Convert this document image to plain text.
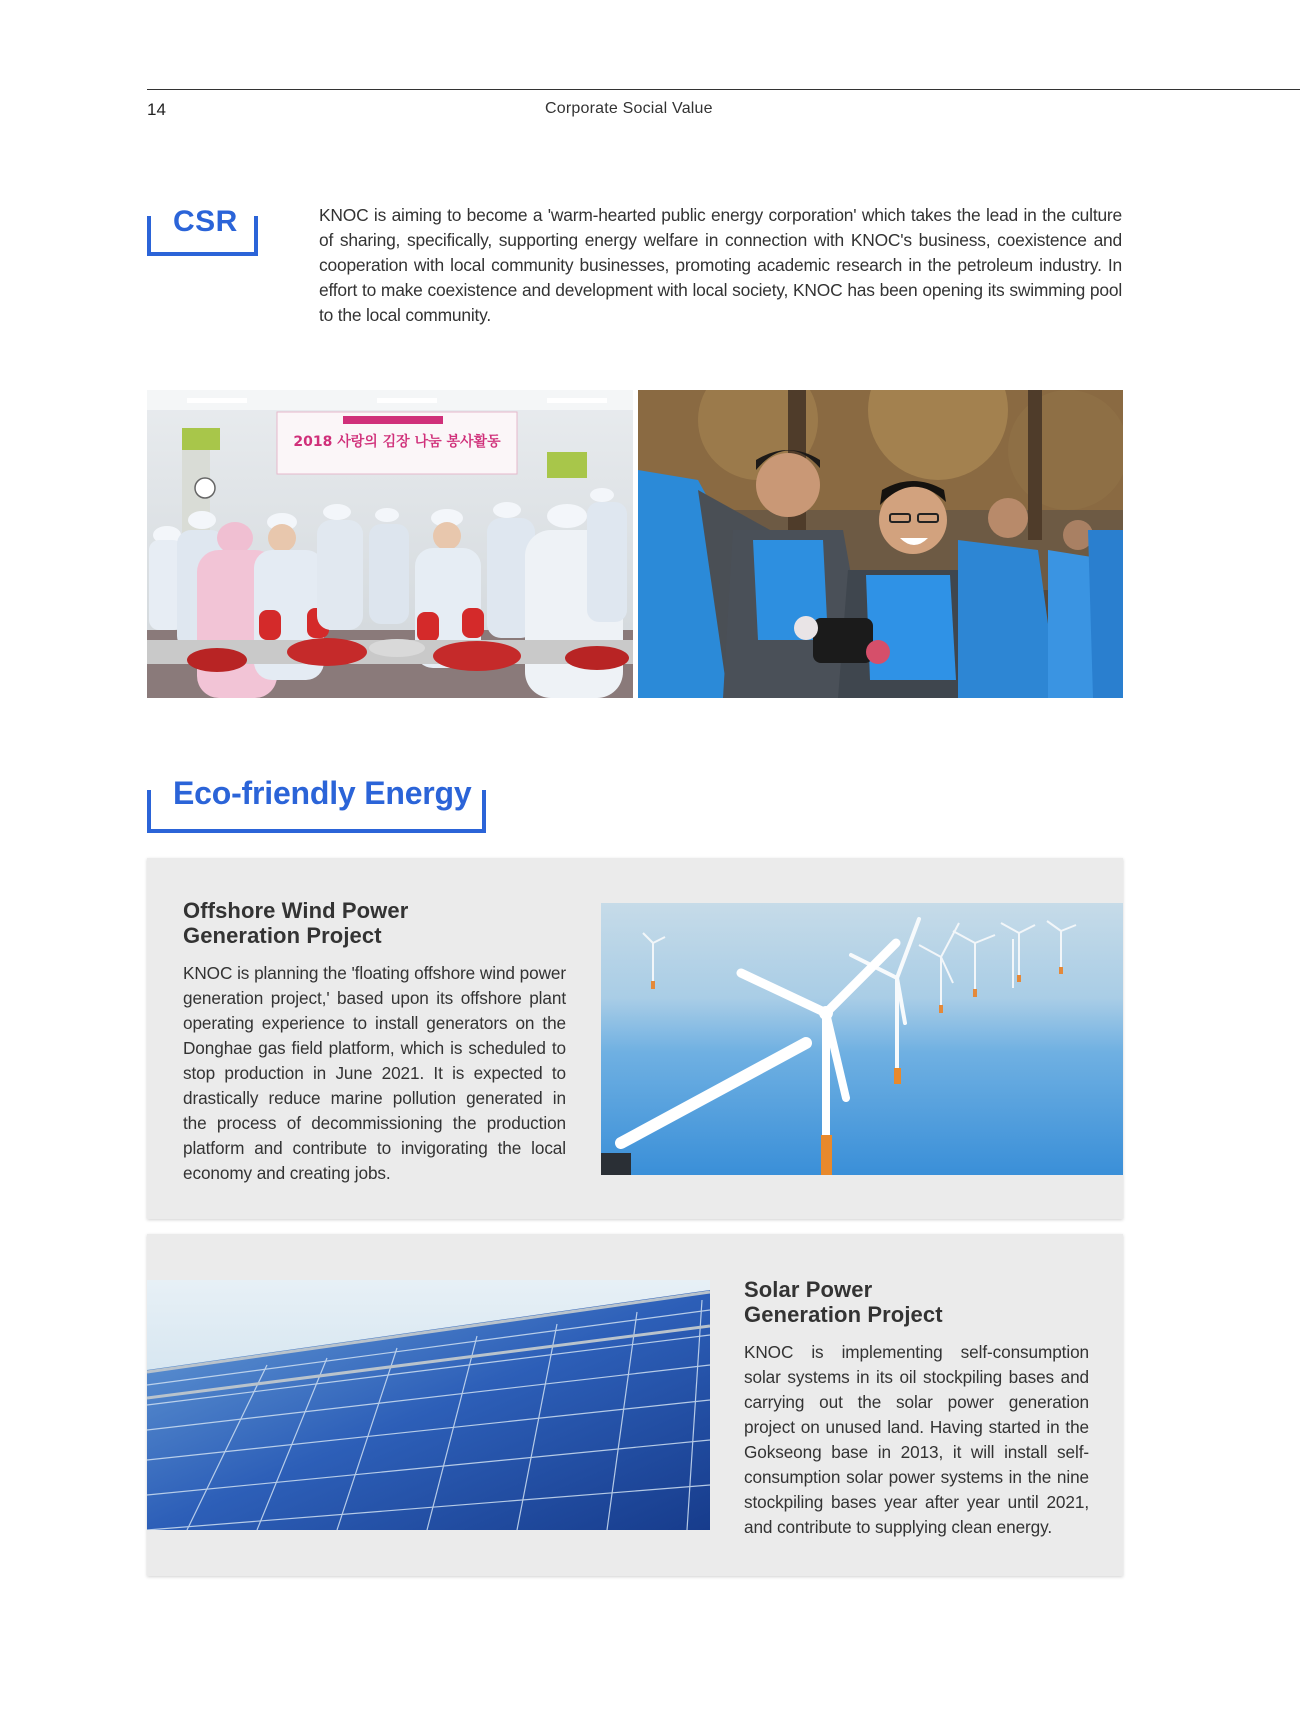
14	Corporate Social Value
CSR	KNOC is aiming to become a 'warm-hearted public energy corporation' which takes the lead in the culture of sharing, specifically, supporting energy welfare in connection with KNOC's business, coexistence and cooperation with local community businesses, promoting academic research in the petroleum industry. In effort to make coexistence and development with local society, KNOC has been opening its swimming pool to the local community.
2018 사랑의 김장 나눔 봉사활동
Eco-friendly Energy
Offshore Wind Power
Generation Project
KNOC is planning the 'floating offshore wind power generation project,' based upon its offshore plant operating experience to install generators on the Donghae gas field platform, which is scheduled to stop production in June 2021. It is expected to drastically reduce marine pollution generated in the process of decommissioning the production platform and contribute to invigorating the local economy and creating jobs.
Solar Power
Generation Project
KNOC is implementing self-consumption solar systems in its oil stockpiling bases and carrying out the solar power generation project on unused land. Having started in the Gokseong base in 2013, it will install self-consumption solar power systems in the nine stockpiling bases year after year until 2021, and contribute to supplying clean energy.
